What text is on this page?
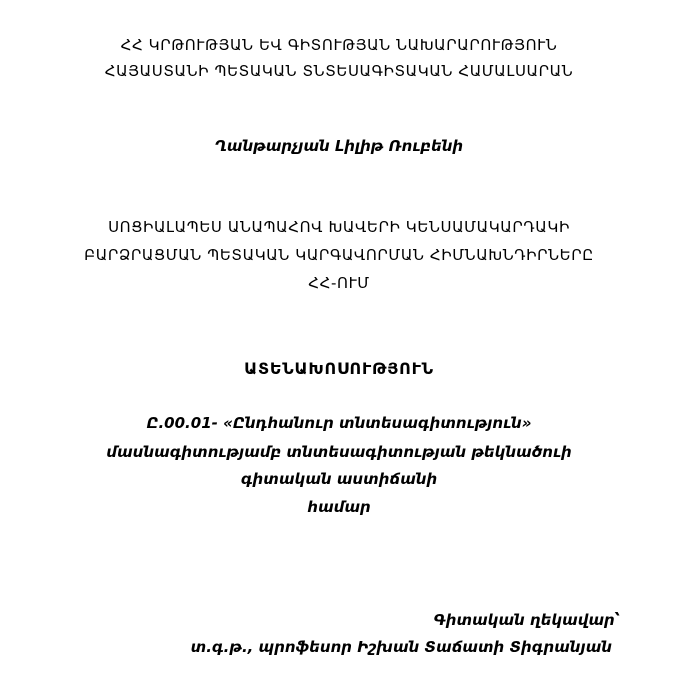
ՀՀ ԿՐԹՈՒԹՅԱՆ ԵՎ ԳԻՏՈՒԹՅԱՆ ՆԱԽԱՐԱՐՈՒԹՅՈՒՆ
ՀԱՅԱՍՏԱՆԻ ՊԵՏԱԿԱՆ ՏՆՏԵՍԱԳԻՏԱԿԱՆ ՀԱՄԱԼՍԱՐԱՆ
Ղանթարչյան Լիլիթ Ռուբենի
ՍՈՑԻԱԼԱՊԵՍ ԱՆԱՊԱՀՈՎ ԽԱՎԵՐԻ ԿԵՆՍԱՄԱԿԱՐԴԱԿԻ
ԲԱՐՁՐԱՑՄԱՆ ՊԵՏԱԿԱՆ ԿԱՐԳԱՎՈՐՄԱՆ ՀԻՄՆԱԽՆԴԻՐՆԵՐԸ
ՀՀ-ՈՒՄ
ԱՏԵՆԱԽՈՍՈՒԹՅՈՒՆ
Ը.00.01- «Ընդհանուր տնտեսագիտություն»
մասնագիտությամբ տնտեսագիտության թեկնածուի
գիտական աստիճանի
համար
Գիտական ղեկավար՝
տ.գ.թ., պրոֆեսոր Իշխան Տաճատի Տիգրանյան
